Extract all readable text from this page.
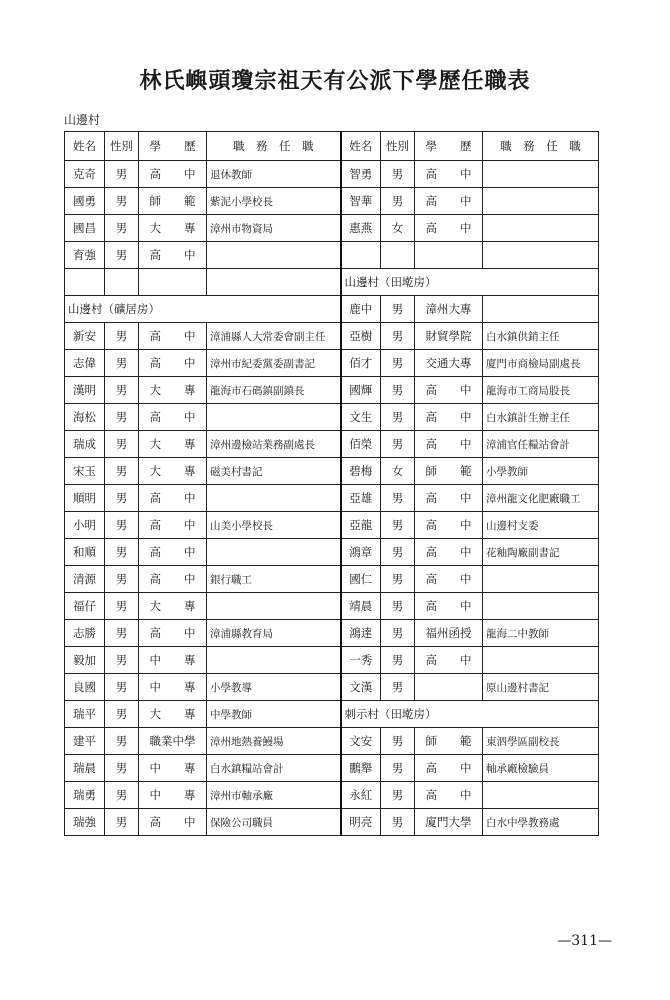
林氏嶼頭瓊宗祖天有公派下學歷任職表
山邊村
姓名	性別	學　　歷	職　務　任　職	姓名	性別	學　　歷	職　務　任　職
克奇	男	高　　中	退休教師	智勇	男	高　　中	
國勇	男	師　　範	紫泥小學校長	智華	男	高　　中	
國昌	男	大　　專	漳州市物資局	惠燕	女	高　　中	
育強	男	高　　中					
				山邊村（田墘房）			
山邊村（礦居房）				鹿中	男	漳州大專	
新安	男	高　　中	漳浦縣人大常委會副主任	亞樹	男	財貿學院	白水鎮供銷主任
志偉	男	高　　中	漳州市紀委黨委副書記	佰才	男	交通大專	廈門市商檢局副處長
漢明	男	大　　專	龍海市石碼鎮副鎮長	國輝	男	高　　中	龍海市工商局股長
海松	男	高　　中		文生	男	高　　中	白水鎮計生辦主任
瑞成	男	大　　專	漳州邊檢站業務副處長	佰榮	男	高　　中	漳浦官任糧站會計
宋玉	男	大　　專	磁美村書記	碧梅	女	師　　範	小學教師
順明	男	高　　中		亞雄	男	高　　中	漳州龍文化肥廠職工
小明	男	高　　中	山美小學校長	亞龍	男	高　　中	山邊村支委
和順	男	高　　中		鴻章	男	高　　中	花釉陶廠副書記
清源	男	高　　中	銀行職工	國仁	男	高　　中	
福仔	男	大　　專		靖晨	男	高　　中	
志勝	男	高　　中	漳浦縣教育局	鴻達	男	福州函授	龍海二中教師
毅加	男	中　　專		一秀	男	高　　中	
良國	男	中　　專	小學教導	文漢	男		原山邊村書記
瑞平	男	大　　專	中學教師	刺示村（田墘房）			
建平	男	職業中學	漳州地熱養鰻場	文安	男	師　　範	東泗學區副校長
瑞晨	男	中　　專	白水鎮糧站會計	鵬舉	男	高　　中	軸承廠檢驗員
瑞勇	男	中　　專	漳州市軸承廠	永紅	男	高　　中	
瑞強	男	高　　中	保險公司職員	明亮	男	廈門大學	白水中學教務處
—311—
